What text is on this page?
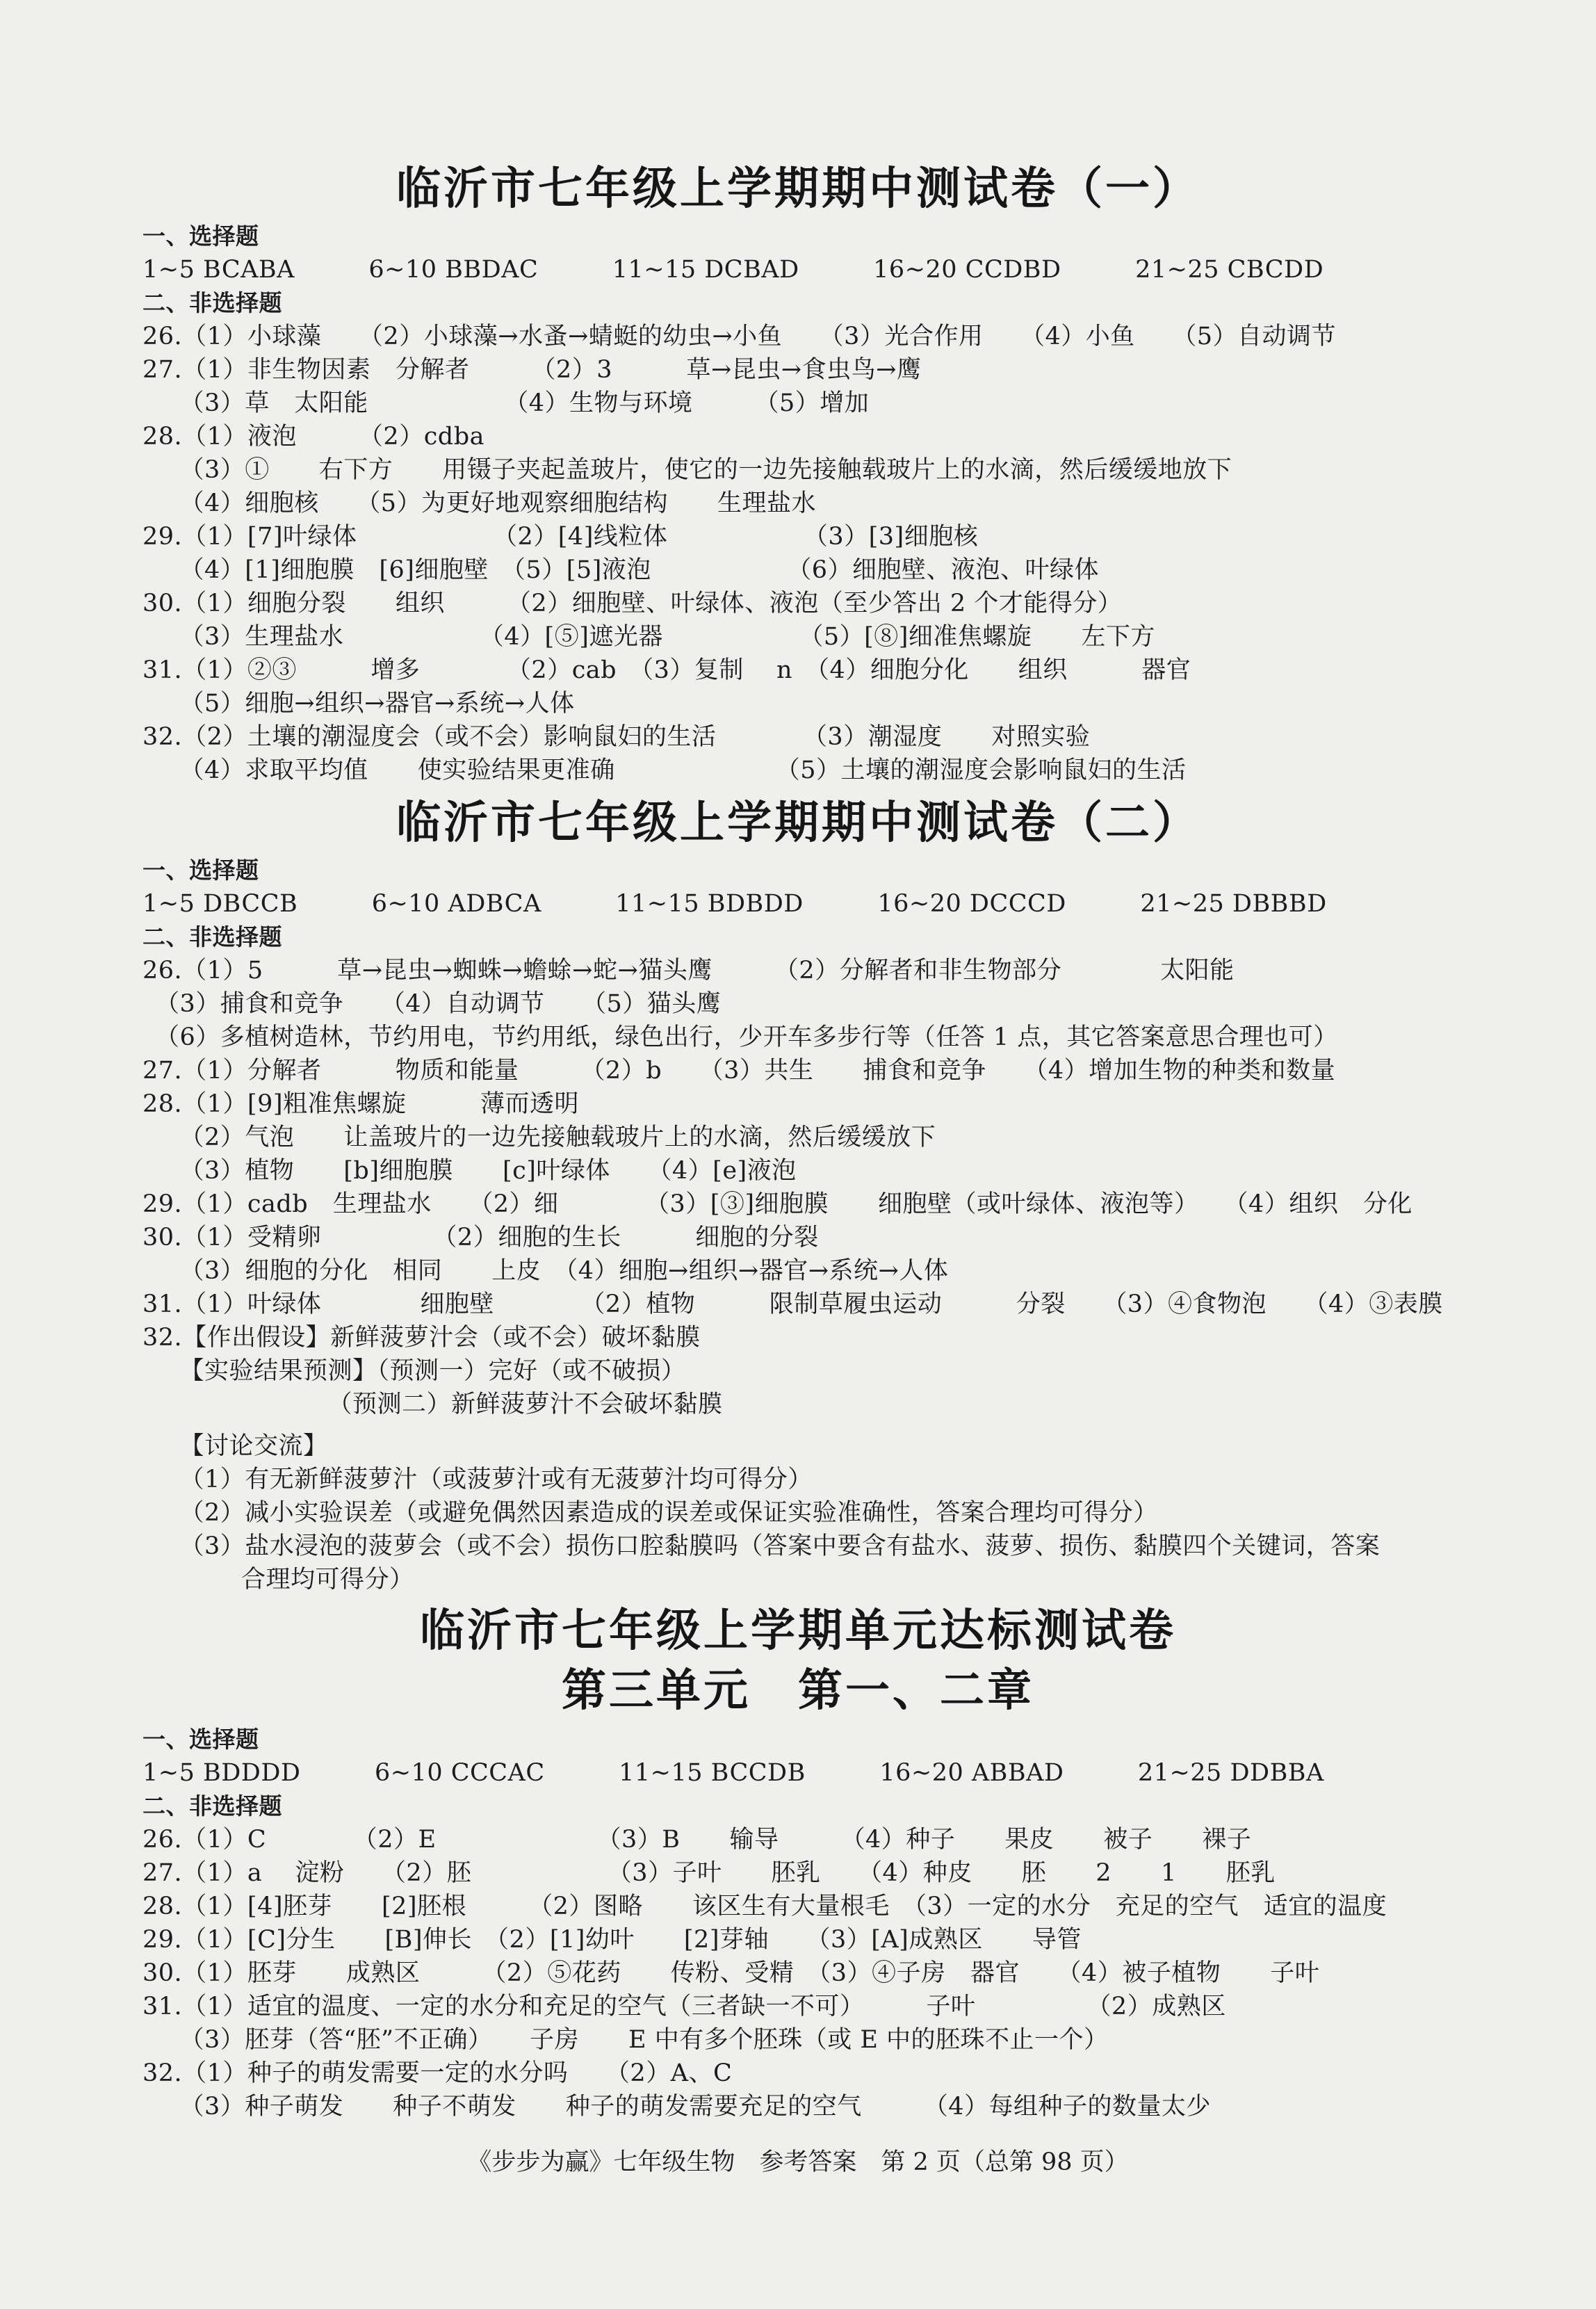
临沂市七年级上学期期中测试卷（一）
一、选择题
1~5 BCABA　　　6~10 BBDAC　　　11~15 DCBAD　　　16~20 CCDBD　　　21~25 CBCDD
二、非选择题
26.（1）小球藻　　（2）小球藻→水蚤→蜻蜓的幼虫→小鱼　　（3）光合作用　　（4）小鱼　　（5）自动调节
27.（1）非生物因素　分解者　　　（2）3　　　草→昆虫→食虫鸟→鹰
　　（3）草　太阳能　　　　　　（4）生物与环境　　　（5）增加
28.（1）液泡　　　（2）cdba
　　（3）①　　右下方　　用镊子夹起盖玻片，使它的一边先接触载玻片上的水滴，然后缓缓地放下
　　（4）细胞核　　（5）为更好地观察细胞结构　　生理盐水
29.（1）[7]叶绿体　　　　　　（2）[4]线粒体　　　　　　（3）[3]细胞核
　　（4）[1]细胞膜　[6]细胞壁　（5）[5]液泡　　　　　　（6）细胞壁、液泡、叶绿体
30.（1）细胞分裂　　组织　　　（2）细胞壁、叶绿体、液泡（至少答出 2 个才能得分）
　　（3）生理盐水　　　　　　（4）[⑤]遮光器　　　　　　（5）[⑧]细准焦螺旋　　左下方
31.（1）②③　　　增多　　　　（2）cab　（3）复制　 n　（4）细胞分化　　组织　　　器官
　　（5）细胞→组织→器官→系统→人体
32.（2）土壤的潮湿度会（或不会）影响鼠妇的生活　　　　（3）潮湿度　　对照实验
　　（4）求取平均值　　使实验结果更准确　　　　　　　（5）土壤的潮湿度会影响鼠妇的生活
临沂市七年级上学期期中测试卷（二）
一、选择题
1~5 DBCCB　　　6~10 ADBCA　　　11~15 BDBDD　　　16~20 DCCCD　　　21~25 DBBBD
二、非选择题
26.（1）5　　　草→昆虫→蜘蛛→蟾蜍→蛇→猫头鹰　　　（2）分解者和非生物部分　　　　太阳能
　（3）捕食和竞争　　（4）自动调节　　（5）猫头鹰
　（6）多植树造林，节约用电，节约用纸，绿色出行，少开车多步行等（任答 1 点，其它答案意思合理也可）
27.（1）分解者　　　物质和能量　　　（2）b　　（3）共生　　捕食和竞争　　（4）增加生物的种类和数量
28.（1）[9]粗准焦螺旋　　　薄而透明
　　（2）气泡　　让盖玻片的一边先接触载玻片上的水滴，然后缓缓放下
　　（3）植物　　[b]细胞膜　　[c]叶绿体　　（4）[e]液泡
29.（1）cadb　生理盐水　　（2）细　　　　（3）[③]细胞膜　　细胞壁（或叶绿体、液泡等）　　（4）组织　分化
30.（1）受精卵　　　　　（2）细胞的生长　　　细胞的分裂
　　（3）细胞的分化　相同　　上皮　（4）细胞→组织→器官→系统→人体
31.（1）叶绿体　　　　细胞壁　　　　（2）植物　　　限制草履虫运动　　　分裂　　（3）④食物泡　　（4）③表膜
32.【作出假设】新鲜菠萝汁会（或不会）破坏黏膜
　　【实验结果预测】（预测一）完好（或不破损）
　　　　　　　　（预测二）新鲜菠萝汁不会破坏黏膜
　　【讨论交流】
　　（1）有无新鲜菠萝汁（或菠萝汁或有无菠萝汁均可得分）
　　（2）减小实验误差（或避免偶然因素造成的误差或保证实验准确性，答案合理均可得分）
　　（3）盐水浸泡的菠萝会（或不会）损伤口腔黏膜吗（答案中要含有盐水、菠萝、损伤、黏膜四个关键词，答案
　　　　合理均可得分）
临沂市七年级上学期单元达标测试卷
第三单元　第一、二章
一、选择题
1~5 BDDDD　　　6~10 CCCAC　　　11~15 BCCDB　　　16~20 ABBAD　　　21~25 DDBBA
二、非选择题
26.（1）C　　　　（2）E　　　　　　　（3）B　　输导　　　（4）种子　　果皮　　被子　　裸子
27.（1）a　 淀粉　　（2）胚　　　　　　（3）子叶　　胚乳　　（4）种皮　　胚　　2　　1　　胚乳
28.（1）[4]胚芽　　[2]胚根　　　（2）图略　　该区生有大量根毛　（3）一定的水分　充足的空气　适宜的温度
29.（1）[C]分生　　[B]伸长　（2）[1]幼叶　　[2]芽轴　　（3）[A]成熟区　　导管
30.（1）胚芽　　成熟区　　　（2）⑤花药　　传粉、受精　（3）④子房　器官　　（4）被子植物　　子叶
31.（1）适宜的温度、一定的水分和充足的空气（三者缺一不可）　　　子叶　　　　　（2）成熟区
　　（3）胚芽（答“胚”不正确）　　子房　　E 中有多个胚珠（或 E 中的胚珠不止一个）
32.（1）种子的萌发需要一定的水分吗　　（2）A、C
　　（3）种子萌发　　种子不萌发　　种子的萌发需要充足的空气　　　（4）每组种子的数量太少
《步步为赢》七年级生物　参考答案　第 2 页（总第 98 页）
